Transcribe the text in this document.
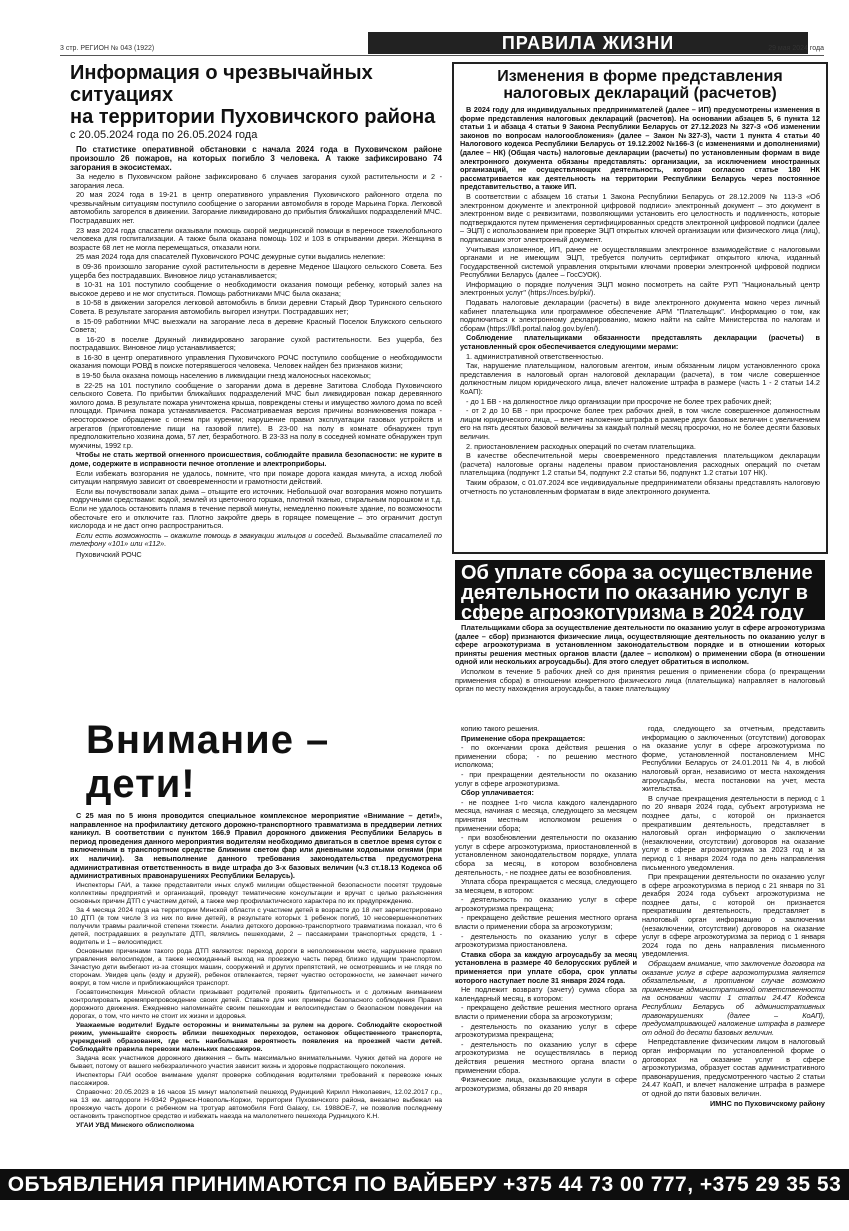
ПРАВИЛА ЖИЗНИ
3 стр. РЕГИОН № 043 (1922)	29 мая 2024 года
Информация о чрезвычайных ситуациях
на территории Пуховичского района
с 20.05.2024 года по 26.05.2024 года

По статистике оперативной обстановки с начала 2024 года в Пуховичском районе произошло 26 пожаров, на которых погибло 3 человека. А также зафиксировано 74 загорания в экосистемах.

За неделю в Пуховичском районе зафиксировано 6 случаев загорания сухой растительности и 2 - загорания леса.

20 мая 2024 года в 19-21 в центр оперативного управления Пуховичского районного отдела по чрезвычайным ситуациям поступило сообщение о загорании автомобиля в городе Марьина Горка. Легковой автомобиль загорелся в движении. Загорание ликвидировано до прибытия ближайших подразделений МЧС. Пострадавших нет.

23 мая 2024 года спасатели оказывали помощь скорой медицинской помощи в переносе тяжелобольного человека для госпитализации. А также была оказана помощь 102 и 103 в открывании двери. Женщина в возрасте 68 лет не могла перемещаться, отказали ноги.

25 мая 2024 года для спасателей Пуховичского РОЧС дежурные сутки выдались нелегкие:

в 09-36 произошло загорание сухой растительности в деревне Меденое Шацкого сельского Совета. Без ущерба без пострадавших. Виновное лицо устанавливается;

в 10-31 на 101 поступило сообщение о необходимости оказания помощи ребенку, который залез на высокое дерево и не мог спуститься. Помощь работниками МЧС была оказана;

в 10-58 в движении загорелся легковой автомобиль в близи деревни Старый Двор Туринского сельского Совета. В результате загорания автомобиль выгорел изнутри. Пострадавших нет;

в 15-09 работники МЧС выезжали на загорание леса в деревне Красный Поселок Блужского сельского Совета;

в 16-20 в поселке Дружный ликвидировано загорание сухой растительности. Без ущерба, без пострадавших. Виновное лицо устанавливается;

в 16-30 в центр оперативного управления Пуховичского РОЧС поступило сообщение о необходимости оказания помощи РОВД в поиске потерявшегося человека. Человек найден без признаков жизни;

в 19-50 была оказана помощь населению в ликвидации гнезд жалоносных насекомых;

в 22-25 на 101 поступило сообщение о загорании дома в деревне Затитова Слобода Пуховичского сельского Совета. По прибытии ближайших подразделений МЧС был ликвидирован пожар деревянного жилого дома. В результате пожара уничтожена крыша, повреждены стены и имущество жилого дома по всей площади. Причина пожара устанавливается. Рассматриваемая версия причины возникновения пожара - неосторожное обращение с огнем при курении; нарушение правил эксплуатации газовых устройств и агрегатов (приготовление пищи на газовой плите). В 23-00 на полу в комнате обнаружен труп предположительно хозяина дома, 57 лет, безработного. В 23-33 на полу в соседней комнате обнаружен труп мужчины, 1992 г.р.

Чтобы не стать жертвой огненного происшествия, соблюдайте правила безопасности: не курите в доме, содержите в исправности печное отопление и электроприборы.

Если избежать возгорания не удалось, помните, что при пожаре дорога каждая минута, а исход любой ситуации напрямую зависит от своевременности и грамотности действий.

Если вы почувствовали запах дыма – отыщите его источник. Небольшой очаг возгорания можно потушить подручными средствами: водой, землей из цветочного горшка, плотной тканью, стиральным порошком и т.д. Если не удалось остановить пламя в течение первой минуты, немедленно покиньте здание, по возможности обесточьте его и отключите газ. Плотно закройте дверь в горящее помещение – это ограничит доступ кислорода и не даст огню распространиться.

Если есть возможность – окажите помощь в эвакуации жильцов и соседей. Вызывайте спасателей по телефону «101» или «112».

Пуховичский РОЧС

Внимание – дети!

С 25 мая по 5 июня проводится специальное комплексное мероприятие «Внимание – дети!», направленное на профилактику детского дорожно-транспортного травматизма в преддверии летних каникул. В соответствии с пунктом 166.9 Правил дорожного движения Республики Беларусь в период проведения данного мероприятия водителям необходимо двигаться в светлое время суток с включенным в транспортном средстве ближним светом фар или дневными ходовыми огнями (при их наличии). За невыполнение данного требования законодательства предусмотрена административная ответственность в виде штрафа до 3-х базовых величин (ч.3 ст.18.13 Кодекса об административных правонарушениях Республики Беларусь).

Инспекторы ГАИ, а также представители иных служб милиции общественной безопасности посетят трудовые коллективы предприятий и организаций, проведут тематические консультации и вручат с целью разъяснения основных причин ДТП с участием детей, а также мер профилактического характера по их предупреждению.

За 4 месяца 2024 года на территории Минской области с участием детей в возрасте до 18 лет зарегистрировано 10 ДТП (в том числе 3 из них по вине детей), в результате которых 1 ребенок погиб, 10 несовершеннолетних получили травмы различной степени тяжести. Анализ детского дорожно-транспортного травматизма показал, что 6 детей, пострадавших в результате ДТП, являлись пешеходами, 2 – пассажирами транспортных средств, 1 - водитель и 1 – велосипедист.

Основными причинами такого рода ДТП являются: переход дороги в неположенном месте, нарушение правил управления велосипедом, а также неожиданный выход на проезжую часть перед близко идущим транспортом. Зачастую дети выбегают из-за стоящих машин, сооружений и других препятствий, не осмотревшись и не глядя по сторонам. Увидев цель (езду и друзей), ребенок отвлекается, теряет чувство осторожности, не замечает ничего вокруг, в том числе и приближающийся транспорт.

Госавтоинспекция Минской области призывает родителей проявить бдительность и с должным вниманием контролировать времяпрепровождение своих детей. Ставьте для них примеры безопасного соблюдения Правил дорожного движения. Ежедневно напоминайте своим пешеходам и велосипедистам о безопасном поведении на дорогах, о том, что ничто не стоит их жизни и здоровья.

Уважаемые водители! Будьте осторожны и внимательны за рулем на дороге. Соблюдайте скоростной режим, уменьшайте скорость вблизи пешеходных переходов, остановок общественного транспорта, учреждений образования, где есть наибольшая вероятность появления на проезжей части детей. Соблюдайте правила перевозки маленьких пассажиров.

Задача всех участников дорожного движения – быть максимально внимательными. Чужих детей на дороге не бывает, потому от вашего небезразличного участия зависит жизнь и здоровье подрастающего поколения.

Инспекторы ГАИ особое внимание уделят проверке соблюдения водителями требований к перевозке юных пассажиров.

Справочно: 20.05.2023 в 16 часов 15 минут малолетний пешеход Рудницкий Кирилл Николаевич, 12.02.2017 г.р., на 13 км. автодороги Н-9342 Руденск-Новополь-Коржи, территории Пуховичского района, внезапно выбежал на проезжую часть дороги с ребенком на тротуар автомобиля Ford Galaxy, г.н. 1988ОЕ-7, не позволив последнему остановить транспортное средство и избежать наезда на малолетнего пешехода Рудницкого К.Н.

УГАИ УВД Минского облисполкома

Изменения в форме представления налоговых деклараций (расчетов)

В 2024 году для индивидуальных предпринимателей (далее – ИП) предусмотрены изменения в форме представления налоговых деклараций (расчетов). На основании абзацев 5, 6 пункта 12 статьи 1 и абзаца 4 статьи 9 Закона Республики Беларусь от 27.12.2023 № 327-З «Об изменении законов по вопросам налогообложения» (далее – Закон №327-З), части 1 пункта 4 статьи 40 Налогового кодекса Республики Беларусь от 19.12.2002 №166-З (с изменениями и дополнениями) (далее – НК) (Общая часть) налоговые декларации (расчеты) по установленным формам в виде электронного документа обязаны представлять: организации, за исключением иностранных организаций, не осуществляющих деятельность, которая согласно статье 180 НК рассматривается как деятельность на территории Республики Беларусь через постоянное представительство, а также ИП.

В соответствии с абзацем 16 статьи 1 Закона Республики Беларусь от 28.12.2009 № 113-З «Об электронном документе и электронной цифровой подписи» электронный документ – это документ в электронном виде с реквизитами, позволяющими установить его целостность и подлинность, которые подтверждаются путем применения сертифицированных средств электронной цифровой подписи (далее – ЭЦП) с использованием при проверке ЭЦП открытых ключей организации или физического лица (лиц), подписавших этот электронный документ.

Учитывая изложенное, ИП, ранее не осуществлявшим электронное взаимодействие с налоговыми органами и не имеющим ЭЦП, требуется получить сертификат открытого ключа, изданный Государственной системой управления открытыми ключами проверки электронной цифровой подписи Республики Беларусь (далее – ГосСУОК).

Информацию о порядке получения ЭЦП можно посмотреть на сайте РУП "Национальный центр электронных услуг" (https://nces.by/pki/).

Подавать налоговые декларации (расчеты) в виде электронного документа можно через личный кабинет плательщика или программное обеспечение АРМ "Плательщик". Информацию о том, как подключиться к электронному декларированию, можно найти на сайте Министерства по налогам и сборам (https://lkfl.portal.nalog.gov.by/en/).

Соблюдение плательщиками обязанности представлять декларации (расчеты) в установленный срок обеспечивается следующими мерами:

1. административной ответственностью.

Так, нарушение плательщиком, налоговым агентом, иным обязанным лицом установленного срока представления в налоговый орган налоговой декларации (расчета), в том числе совершенное должностным лицом юридического лица, влечет наложение штрафа в размере (часть 1 - 2 статьи 14.2 КоАП):

- до 1 БВ - на должностное лицо организации при просрочке не более трех рабочих дней;

- от 2 до 10 БВ - при просрочке более трех рабочих дней, в том числе совершенное должностным лицом юридического лица, – влечет наложение штрафа в размере двух базовых величин с увеличением его на пять десятых базовой величины за каждый полный месяц просрочки, но не более десяти базовых величин.

2. приостановлением расходных операций по счетам плательщика.

В качестве обеспечительной меры своевременного представления плательщиком декларации (расчета) налоговые органы наделены правом приостановления расходных операций по счетам плательщика (подпункт 1.2 статьи 54, подпункт 2.2 статьи 56, подпункт 1.2 статьи 107 НК).

Таким образом, с 01.07.2024 все индивидуальные предприниматели обязаны представлять налоговую отчетность по установленным форматам в виде электронного документа.

Об уплате сбора за осуществление деятельности по оказанию услуг в сфере агроэкотуризма в 2024 году

Плательщиками сбора за осуществление деятельности по оказанию услуг в сфере агроэкотуризма (далее – сбор) признаются физические лица, осуществляющие деятельность по оказанию услуг в сфере агроэкотуризма в установленном законодательством порядке и в отношении которых приняты решения местных органов власти (далее – исполком) о применении сбора (в отношении одной или нескольких агроусадьбы). Для этого следует обратиться в исполком.

Исполком в течение 5 рабочих дней со дня принятия решения о применении сбора (о прекращении применения сбора) в отношении конкретного физического лица (плательщика) направляет в налоговый орган по месту нахождения агроусадьбы, а также плательщику

копию такого решения.

Применение сбора прекращается:

- по окончании срока действия решения о применении сбора; - по решению местного исполкома;

- при прекращении деятельности по оказанию услуг в сфере агроэкотуризма.

Сбор уплачивается:

- не позднее 1-го числа каждого календарного месяца, начиная с месяца, следующего за месяцем принятия местным исполкомом решения о применении сбора;

- при возобновлении деятельности по оказанию услуг в сфере агроэкотуризма, приостановленной в установленном законодательством порядке, уплата сбора за месяц, в котором возобновлена деятельность, - не позднее даты ее возобновления.

Уплата сбора прекращается с месяца, следующего за месяцем, в котором:

- деятельность по оказанию услуг в сфере агроэкотуризма прекращена;

- прекращено действие решения местного органа власти о применении сбора за агроэкотуризм;

- деятельность по оказанию услуг в сфере агроэкотуризма приостановлена.

Ставка сбора за каждую агроусадьбу за месяц установлена в размере 40 белорусских рублей и применяется при уплате сбора, срок уплаты которого наступает после 31 января 2024 года.

Не подлежит возврату (зачету) сумма сбора за календарный месяц, в котором:

- прекращено действие решения местного органа власти о применении сбора за агроэкотуризм;

- деятельность по оказанию услуг в сфере агроэкотуризма прекращена;

- деятельность по оказанию услуг в сфере агроэкотуризма не осуществлялась в период действия решения местного органа власти о применении сбора.

Физические лица, оказывающие услуги в сфере агроэкотуризма, обязаны до 20 января

года, следующего за отчетным, представить информацию о заключенных (отсутствии) договорах на оказание услуг в сфере агроэкотуризма по форме, установленной постановлением МНС Республики Беларусь от 24.01.2011 № 4, в любой налоговый орган, независимо от места нахождения агроусадьбы, места постановки на учет, места жительства.

В случае прекращения деятельности в период с 1 по 20 января 2024 года, субъект агротуризма не позднее даты, с которой он признается прекратившим деятельность, представляет в налоговый орган информацию о заключении (незаключении, отсутствии) договоров на оказание услуг в сфере агроэкотуризма за 2023 год и за период с 1 января 2024 года по день направления письменного уведомления.

При прекращении деятельности по оказанию услуг в сфере агроэкотуризма в период с 21 января по 31 декабря 2024 года субъект агроэкотуризма не позднее даты, с которой он признается прекратившим деятельность, представляет в налоговый орган информацию о заключении (незаключении, отсутствии) договоров на оказание услуг в сфере агроэкотуризма за период с 1 января 2024 года по день направления письменного уведомления.

Обращаем внимание, что заключение договора на оказание услуг в сфере агроэкотуризма является обязательным, в противном случае возможно применение административной ответственности на основании части 1 статьи 24.47 Кодекса Республики Беларусь об административных правонарушениях (далее – КоАП), предусматривающей наложение штрафа в размере от одной до десяти базовых величин.

Непредставление физическим лицом в налоговый орган информации по установленной форме о договорах на оказание услуг в сфере агроэкотуризма, образует состав административного правонарушения, предусмотренного частью 2 статьи 24.47 КоАП, и влечет наложение штрафа в размере от одной до пяти базовых величин.

ИМНС по Пуховичскому району

ОБЪЯВЛЕНИЯ ПРИНИМАЮТСЯ ПО ВАЙБЕРУ +375 44 73 00 777, +375 29 35 53 005
